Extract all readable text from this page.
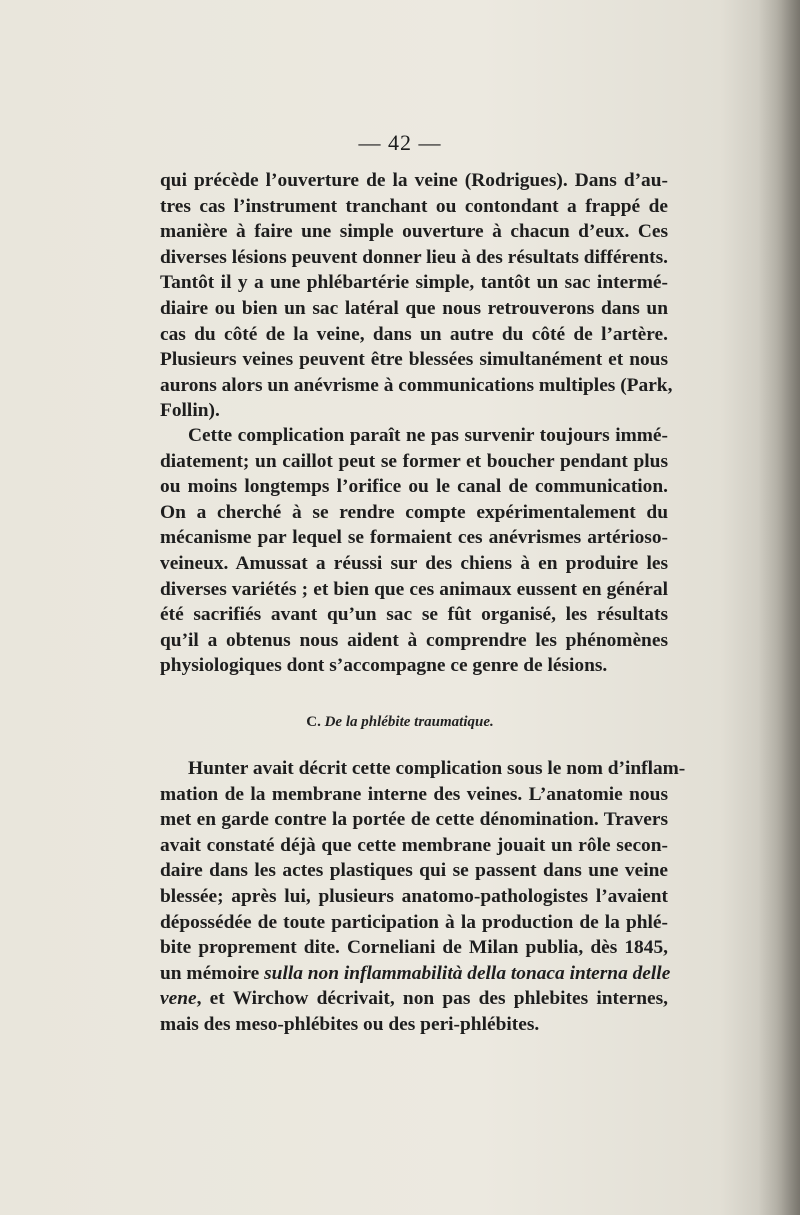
— 42 —
qui précède l’ouverture de la veine (Rodrigues). Dans d’au-
tres cas l’instrument tranchant ou contondant a frappé de
manière à faire une simple ouverture à chacun d’eux. Ces
diverses lésions peuvent donner lieu à des résultats différents.
Tantôt il y a une phlébartérie simple, tantôt un sac intermé-
diaire ou bien un sac latéral que nous retrouverons dans un
cas du côté de la veine, dans un autre du côté de l’artère.
Plusieurs veines peuvent être blessées simultanément et nous
aurons alors un anévrisme à communications multiples (Park,
Follin).
Cette complication paraît ne pas survenir toujours immé-
diatement; un caillot peut se former et boucher pendant plus
ou moins longtemps l’orifice ou le canal de communication.
On a cherché à se rendre compte expérimentalement du
mécanisme par lequel se formaient ces anévrismes artérioso-
veineux. Amussat a réussi sur des chiens à en produire les
diverses variétés ; et bien que ces animaux eussent en général
été sacrifiés avant qu’un sac se fût organisé, les résultats
qu’il a obtenus nous aident à comprendre les phénomènes
physiologiques dont s’accompagne ce genre de lésions.
C. De la phlébite traumatique.
Hunter avait décrit cette complication sous le nom d’inflam-
mation de la membrane interne des veines. L’anatomie nous
met en garde contre la portée de cette dénomination. Travers
avait constaté déjà que cette membrane jouait un rôle secon-
daire dans les actes plastiques qui se passent dans une veine
blessée; après lui, plusieurs anatomo-pathologistes l’avaient
dépossédée de toute participation à la production de la phlé-
bite proprement dite. Corneliani de Milan publia, dès 1845,
un mémoire sulla non inflammabilità della tonaca interna delle
vene, et Wirchow décrivait, non pas des phlebites internes,
mais des meso-phlébites ou des peri-phlébites.
